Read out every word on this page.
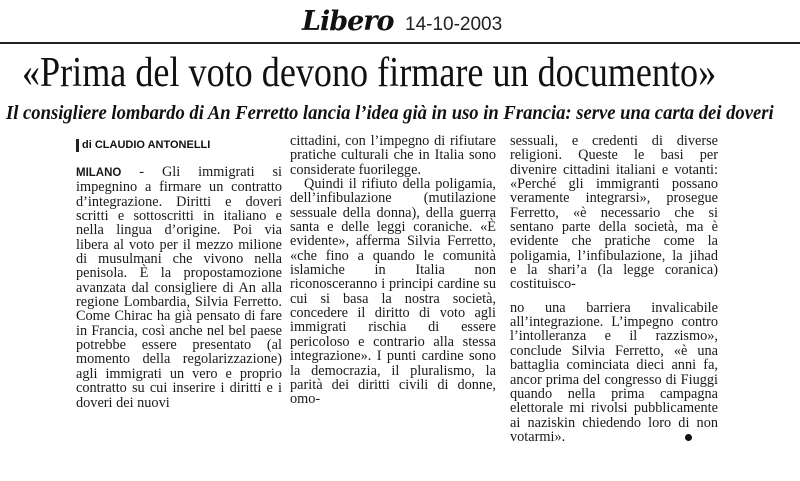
Libero 14-10-2003
«Prima del voto devono firmare un documento»
Il consigliere lombardo di An Ferretto lancia l’idea già in uso in Francia: serve una carta dei doveri
di CLAUDIO ANTONELLI

MILANO - Gli immigrati si impegnino a firmare un contratto d’integrazione. Diritti e doveri scritti e sottoscritti in italiano e nella lingua d’origine. Poi via libera al voto per il mezzo milione di musulmani che vivono nella penisola. È la propostamozione avanzata dal consigliere di An alla regione Lombardia, Silvia Ferretto. Come Chirac ha già pensato di fare in Francia, così anche nel bel paese potrebbe essere presentato (al momento della regolarizzazione) agli immigrati un vero e proprio contratto su cui inserire i diritti e i doveri dei nuovi

cittadini, con l’impegno di rifiutare pratiche culturali che in Italia sono considerate fuorilegge.

Quindi il rifiuto della poligamia, dell’infibulazione (mutilazione sessuale della donna), della guerra santa e delle leggi coraniche. «È evidente», afferma Silvia Ferretto, «che fino a quando le comunità islamiche in Italia non riconosceranno i principi cardine su cui si basa la nostra società, concedere il diritto di voto agli immigrati rischia di essere pericoloso e contrario alla stessa integrazione». I punti cardine sono la democrazia, il pluralismo, la parità dei diritti civili di donne, omo-

sessuali, e credenti di diverse religioni. Queste le basi per divenire cittadini italiani e votanti: «Perché gli immigranti possano veramente integrarsi», prosegue Ferretto, «è necessario che si sentano parte della società, ma è evidente che pratiche come la poligamia, l’infibulazione, la jihad e la shari’a (la legge coranica) costituisco-

no una barriera invalicabile all’integrazione. L’impegno contro l’intolleranza e il razzismo», conclude Silvia Ferretto, «è una battaglia cominciata dieci anni fa, ancor prima del congresso di Fiuggi quando nella prima campagna elettorale mi rivolsi pubblicamente ai naziskin chiedendo loro di non votarmi».
